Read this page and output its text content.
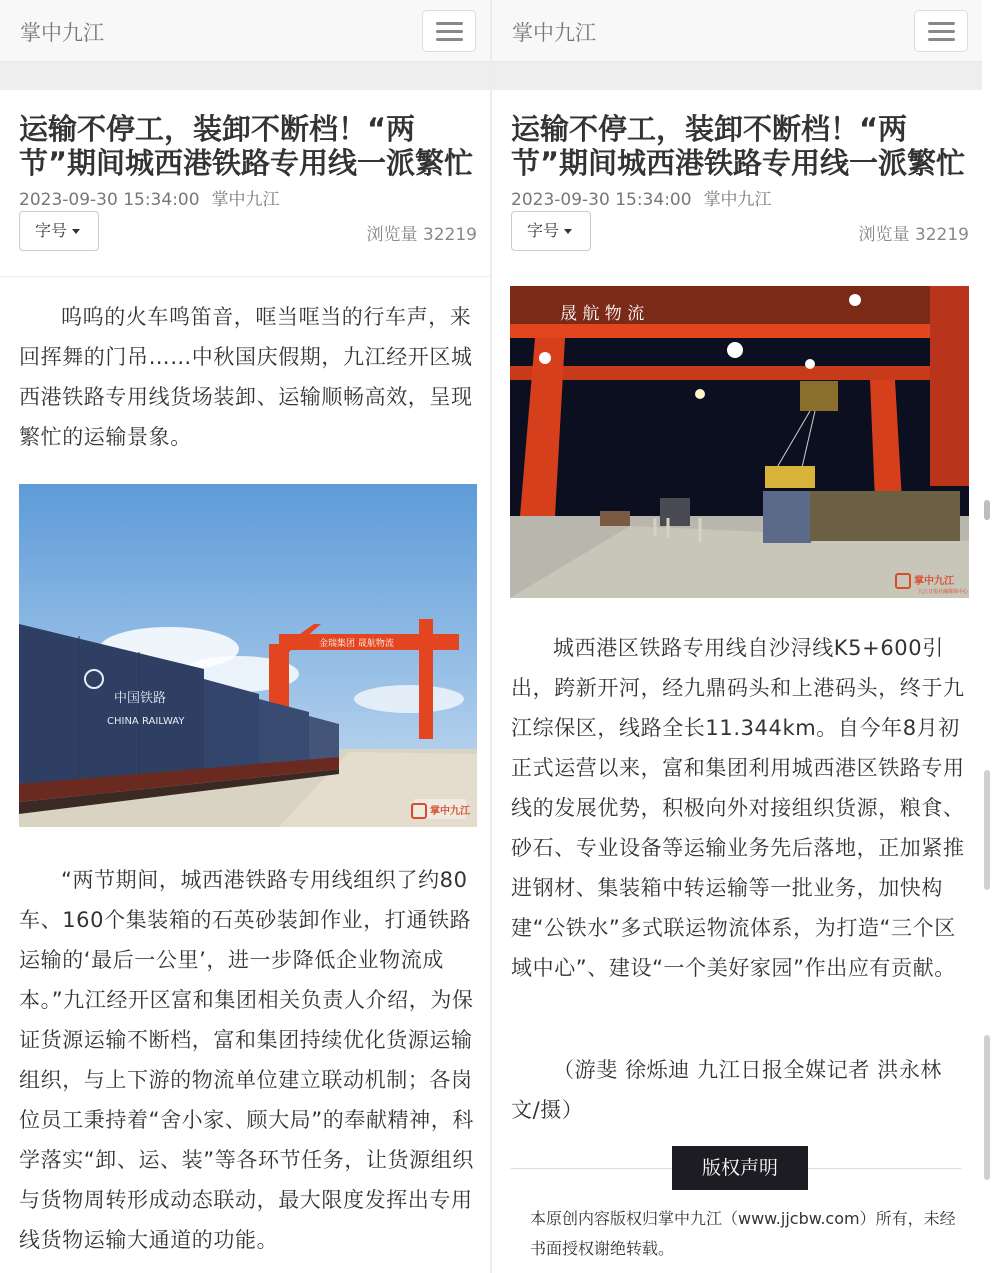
掌中九江
运输不停工，装卸不断档！“两节”期间城西港铁路专用线一派繁忙
2023-09-30 15:34:00 掌中九江
字号	浏览量 32219

呜呜的火车鸣笛音，哐当哐当的行车声，来回挥舞的门吊……中秋国庆假期，九江经开区城西港铁路专用线货场装卸、运输顺畅高效，呈现繁忙的运输景象。

金瑞集团 晟航物流
中国铁路
CHINA RAILWAY
掌中九江

“两节期间，城西港铁路专用线组织了约80车、160个集装箱的石英砂装卸作业，打通铁路运输的‘最后一公里’，进一步降低企业物流成本。”九江经开区富和集团相关负责人介绍，为保证货源运输不断档，富和集团持续优化货源运输组织，与上下游的物流单位建立联动机制；各岗位员工秉持着“舍小家、顾大局”的奉献精神，科学落实“卸、运、装”等各环节任务，让货源组织与货物周转形成动态联动，最大限度发挥出专用线货物运输大通道的功能。

掌中九江
运输不停工，装卸不断档！“两节”期间城西港铁路专用线一派繁忙
2023-09-30 15:34:00 掌中九江
字号	浏览量 32219
晟 航 物 流
掌中九江
九江日报社融媒体中心

城西港区铁路专用线自沙浔线K5+600引出，跨新开河，经九鼎码头和上港码头，终于九江综保区，线路全长11.344km。自今年8月初正式运营以来，富和集团利用城西港区铁路专用线的发展优势，积极向外对接组织货源，粮食、砂石、专业设备等运输业务先后落地，正加紧推进钢材、集装箱中转运输等一批业务，加快构建“公铁水”多式联运物流体系，为打造“三个区域中心”、建设“一个美好家园”作出应有贡献。

（游斐 徐烁迪 九江日报全媒记者 洪永林 文/摄）

版权声明
本原创内容版权归掌中九江（www.jjcbw.com）所有，未经书面授权谢绝转载。
